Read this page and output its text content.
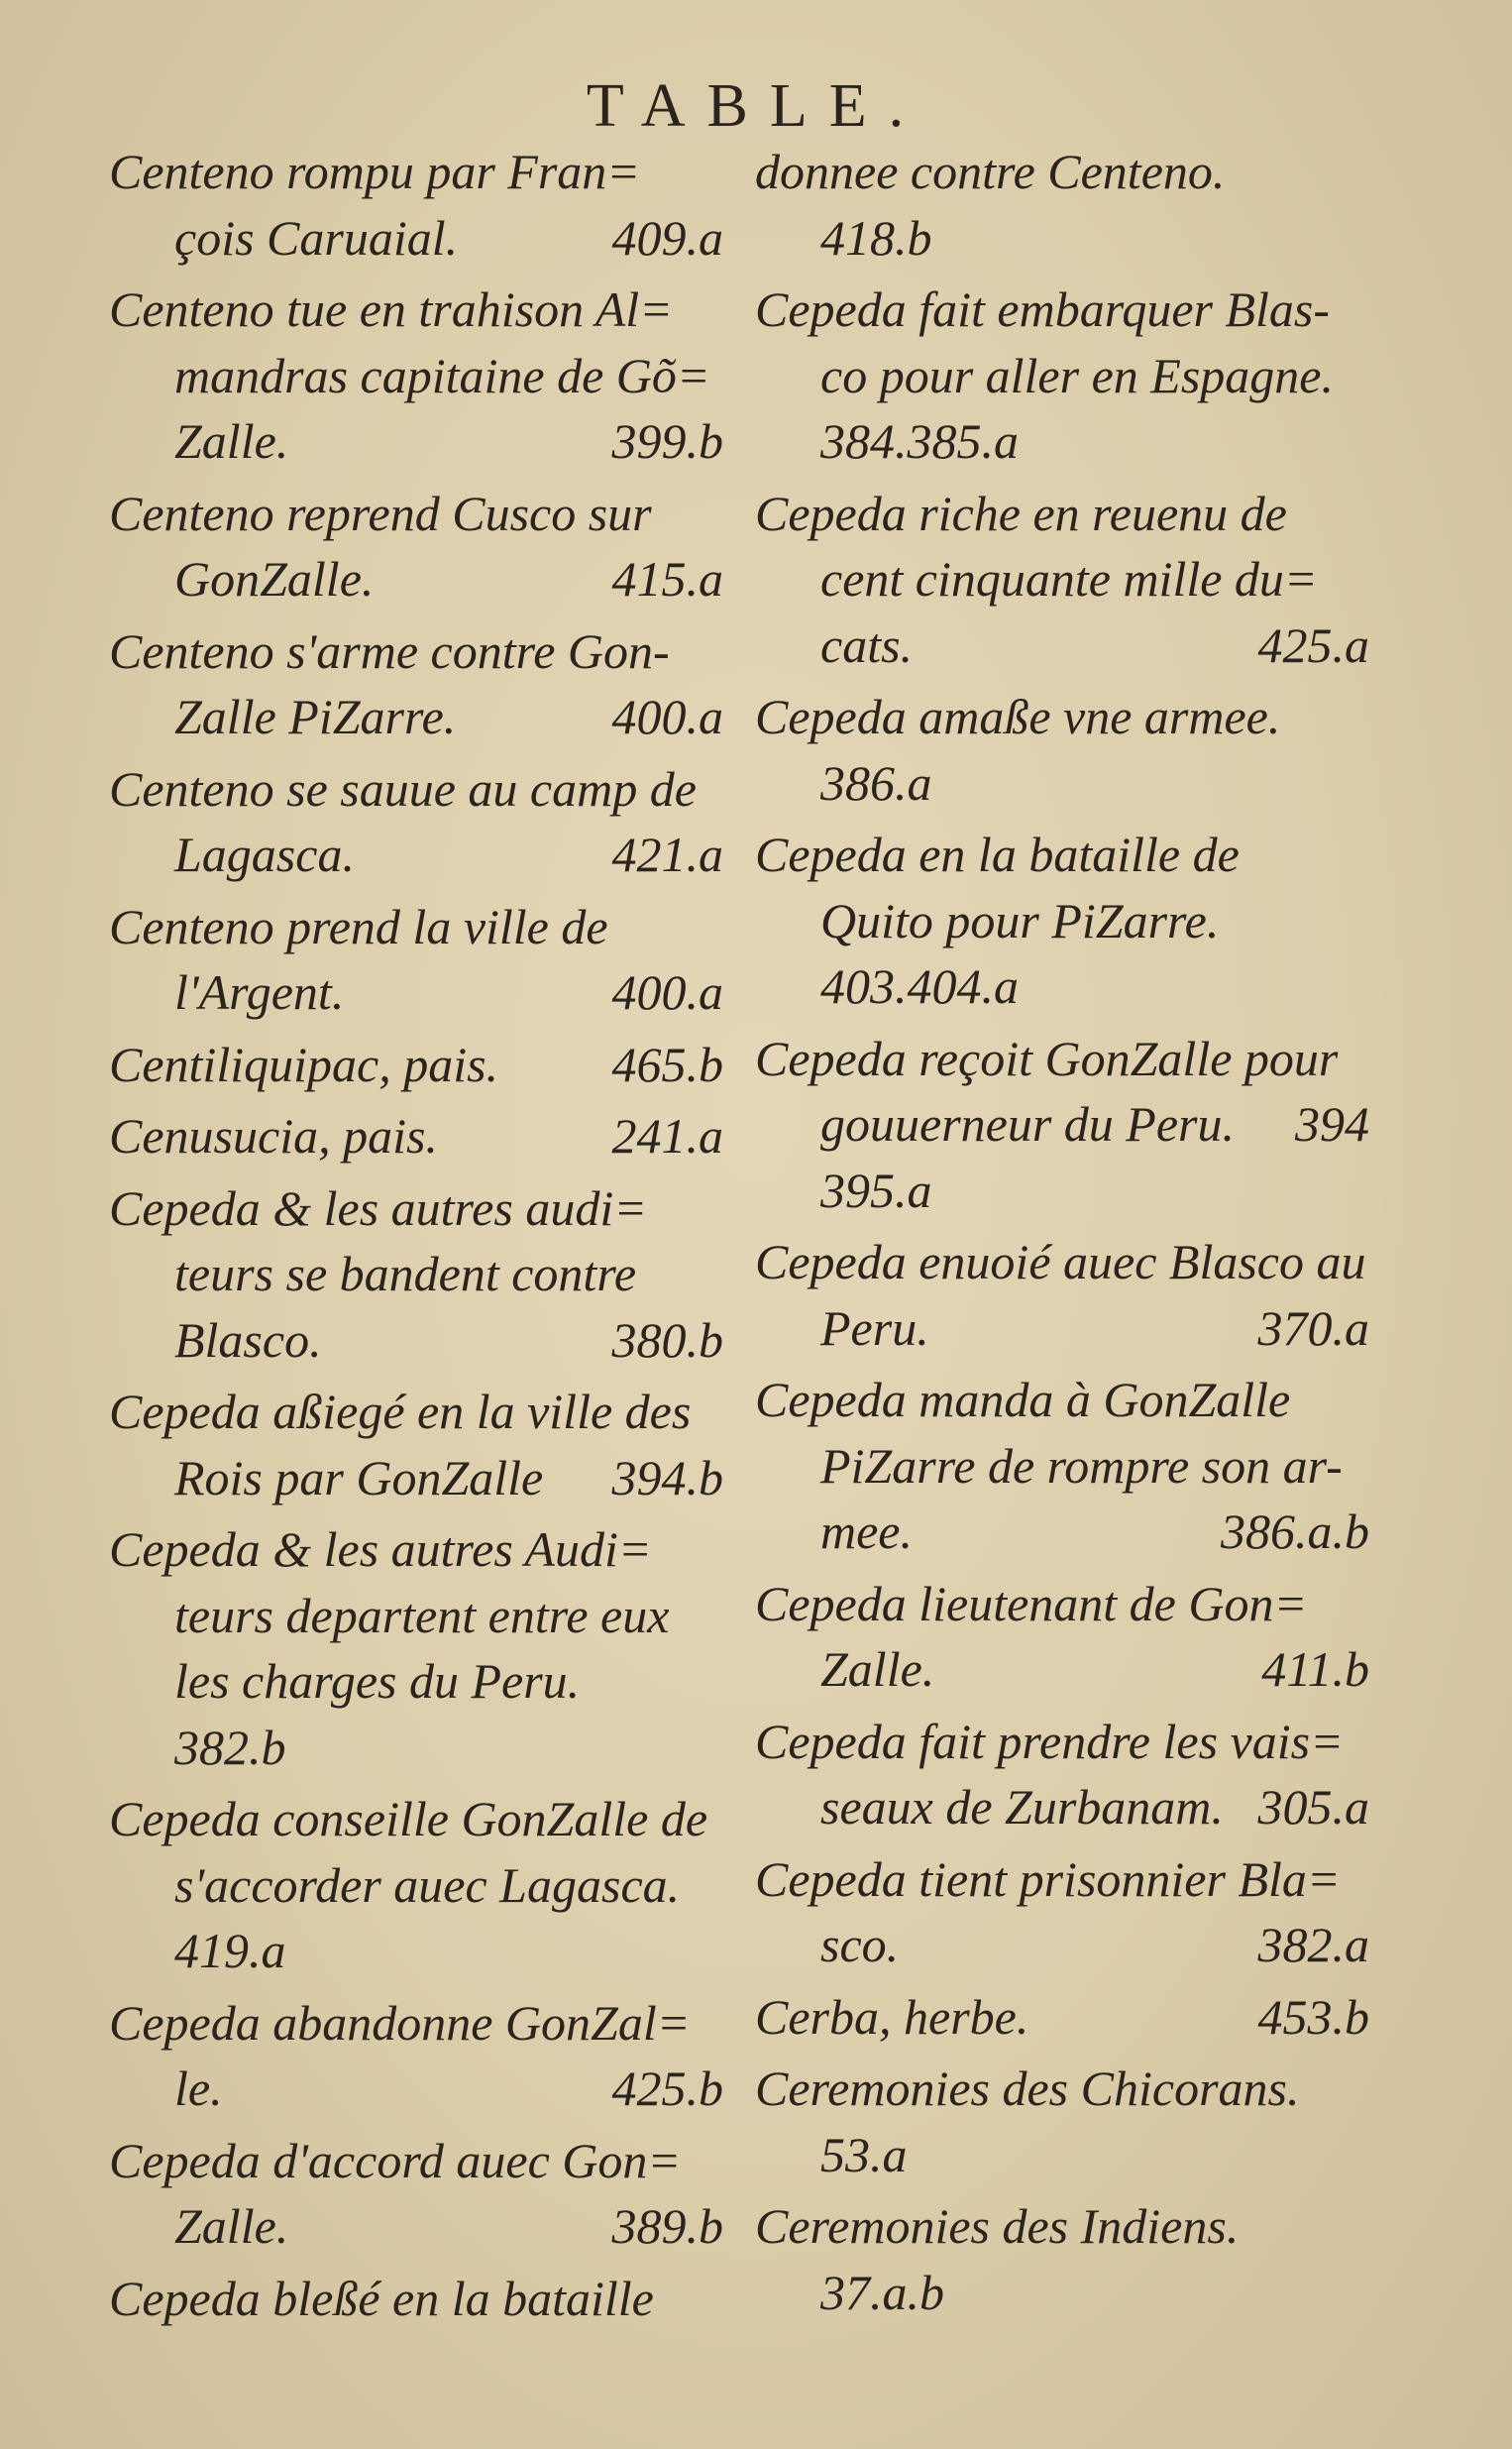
TABLE.
Centeno rompu par Fran=
çois Caruaial.	409.a
Centeno tue en trahison Al=
mandras capitaine de Gõ=
Zalle.	399.b
Centeno reprend Cusco sur
GonZalle.	415.a
Centeno s'arme contre Gon-
Zalle PiZarre.	400.a
Centeno se sauue au camp de
Lagasca.	421.a
Centeno prend la ville de
l'Argent.	400.a
Centiliquipac, pais. 465.b
Cenusucia, pais.	241.a
Cepeda & les autres audi=
teurs se bandent contre
Blasco.	380.b
Cepeda aßiegé en la ville des
Rois par GonZalle 394.b
Cepeda & les autres Audi=
teurs departent entre eux
les charges du Peru.
382.b
Cepeda conseille GonZalle de
s'accorder auec Lagasca.
419.a
Cepeda abandonne GonZal=
le.	425.b
Cepeda d'accord auec Gon=
Zalle.	389.b
Cepeda bleßé en la bataille
donnee contre Centeno.
418.b
Cepeda fait embarquer Blas-
co pour aller en Espagne.
384.385.a
Cepeda riche en reuenu de
cent cinquante mille du=
cats.	425.a
Cepeda amaße vne armee.
386.a
Cepeda en la bataille de
Quito pour PiZarre.
403.404.a
Cepeda reçoit GonZalle pour
gouuerneur du Peru. 394
395.a
Cepeda enuoié auec Blasco au
Peru.	370.a
Cepeda manda à GonZalle
PiZarre de rompre son ar-
mee.	386.a.b
Cepeda lieutenant de Gon=
Zalle.	411.b
Cepeda fait prendre les vais=
seaux de Zurbanam. 305.a
Cepeda tient prisonnier Bla=
sco.	382.a
Cerba, herbe.	453.b
Ceremonies des Chicorans.
53.a
Ceremonies des Indiens.
37.a.b
